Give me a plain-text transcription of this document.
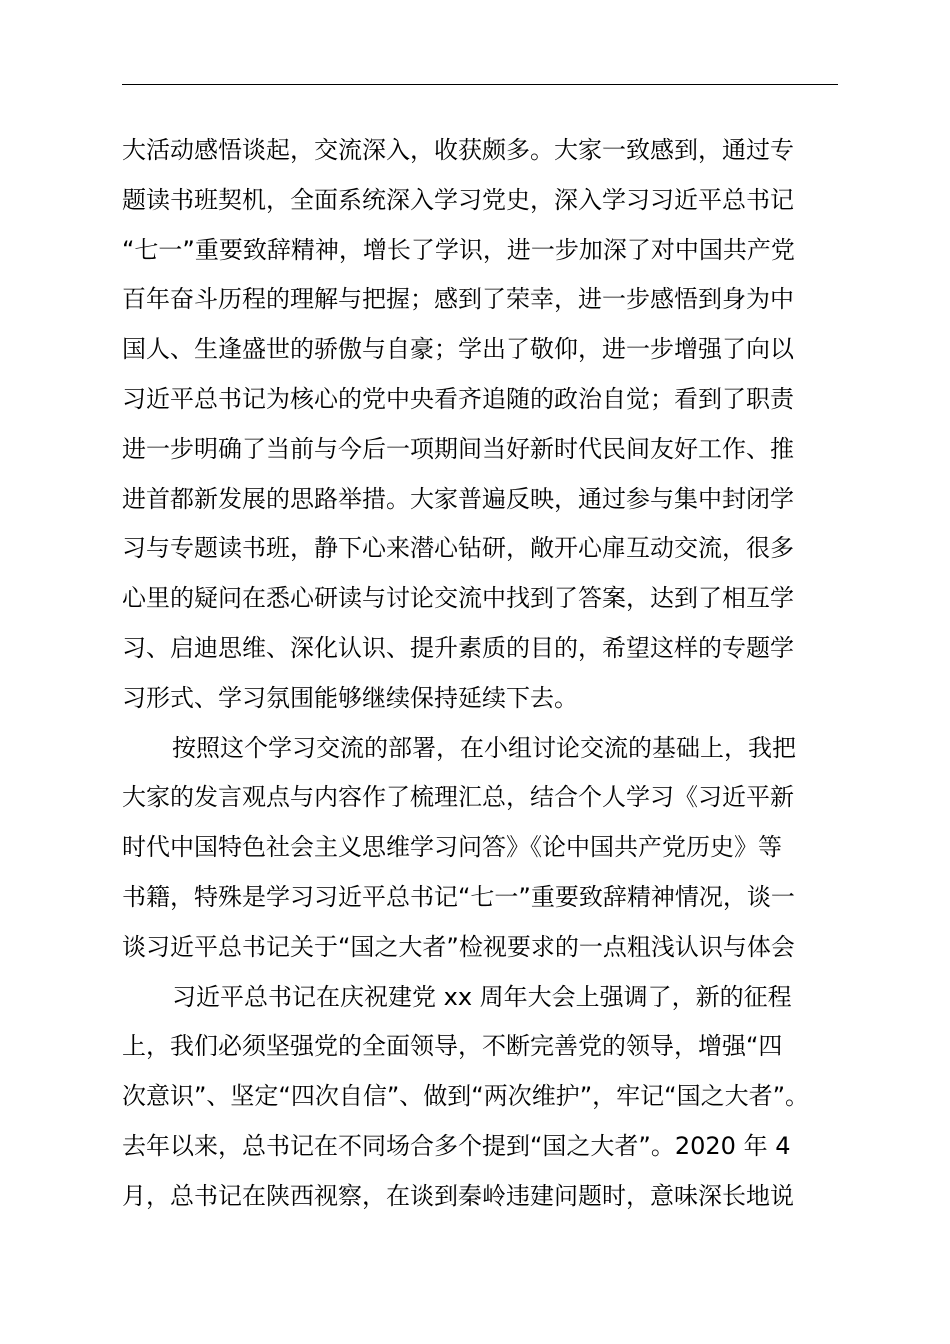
大活动感悟谈起，交流深入，收获颇多。大家一致感到，通过专
题读书班契机，全面系统深入学习党史，深入学习习近平总书记
“七一”重要致辞精神，增长了学识，进一步加深了对中国共产党
百年奋斗历程的理解与把握；感到了荣幸，进一步感悟到身为中
国人、生逢盛世的骄傲与自豪；学出了敬仰，进一步增强了向以
习近平总书记为核心的党中央看齐追随的政治自觉；看到了职责
进一步明确了当前与今后一项期间当好新时代民间友好工作、推
进首都新发展的思路举措。大家普遍反映，通过参与集中封闭学
习与专题读书班，静下心来潜心钻研，敞开心扉互动交流，很多
心里的疑问在悉心研读与讨论交流中找到了答案，达到了相互学
习、启迪思维、深化认识、提升素质的目的，希望这样的专题学
习形式、学习氛围能够继续保持延续下去。
按照这个学习交流的部署，在小组讨论交流的基础上，我把
大家的发言观点与内容作了梳理汇总，结合个人学习《习近平新
时代中国特色社会主义思维学习问答》《论中国共产党历史》等
书籍，特殊是学习习近平总书记“七一”重要致辞精神情况，谈一
谈习近平总书记关于“国之大者”检视要求的一点粗浅认识与体会
习近平总书记在庆祝建党 xx 周年大会上强调了，新的征程
上，我们必须坚强党的全面领导，不断完善党的领导，增强“四
次意识”、坚定“四次自信”、做到“两次维护”，牢记“国之大者”。
去年以来，总书记在不同场合多个提到“国之大者”。2020 年 4
月，总书记在陕西视察，在谈到秦岭违建问题时，意味深长地说
